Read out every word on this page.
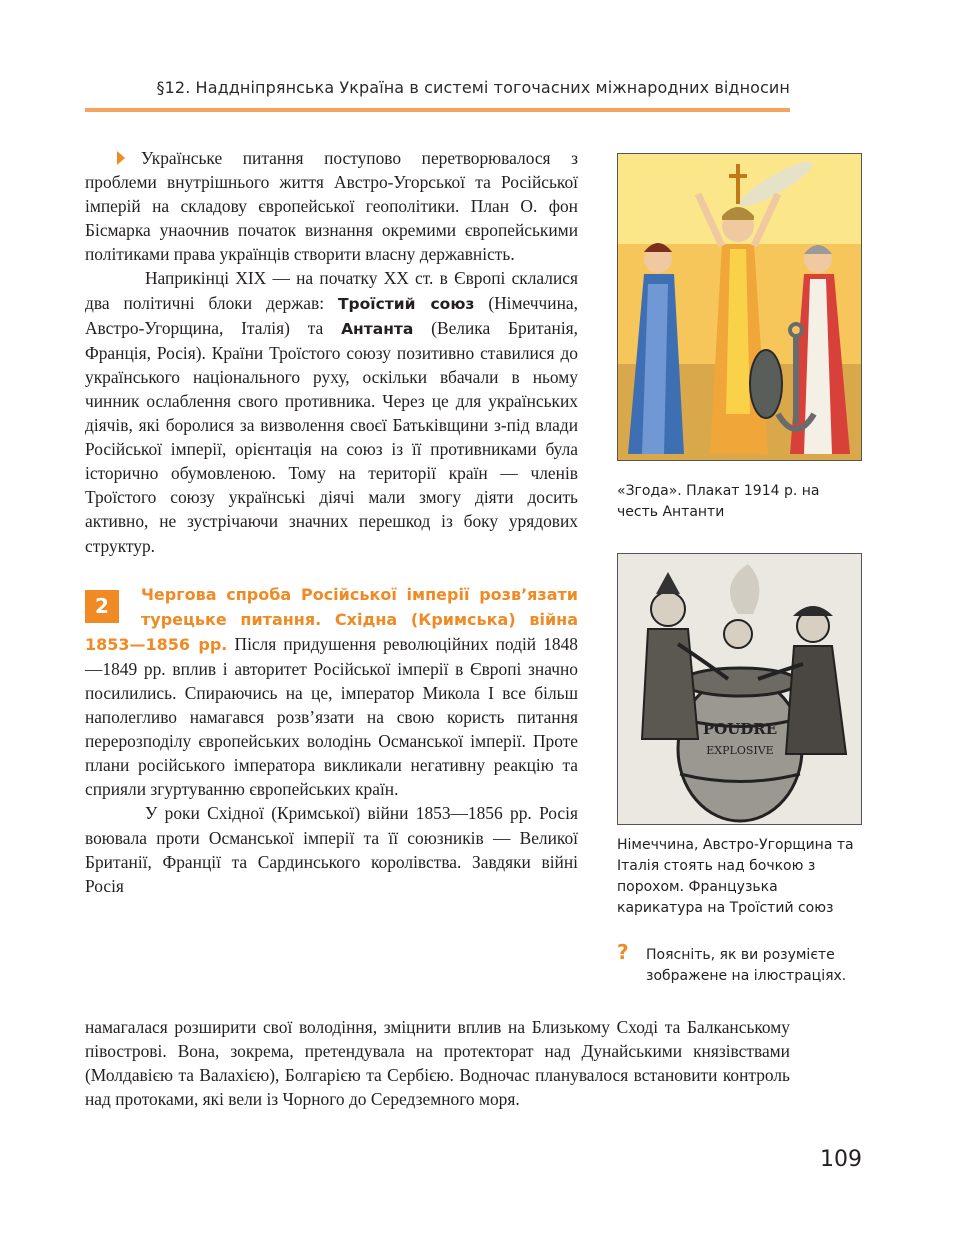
§12. Наддніпрянська Україна в системі тогочасних міжнародних відносин

Українське питання поступово перетворювалося з проблеми внутрішнього життя Австро-Угорської та Російської імперій на складову європейської геополітики. План О. фон Бісмарка унаочнив початок визнання окремими європейськими політиками права українців створити власну державність.

Наприкінці XIX — на початку XX ст. в Європі склалися два політичні блоки держав: Троїстий союз (Німеччина, Австро-Угорщина, Італія) та Антанта (Велика Британія, Франція, Росія). Країни Троїстого союзу позитивно ставилися до українського національного руху, оскільки вбачали в ньому чинник ослаблення свого противника. Через це для українських діячів, які боролися за визволення своєї Батьківщини з-під влади Російської імперії, орієнтація на союз із її противниками була історично обумовленою. Тому на території країн — членів Троїстого союзу українські діячі мали змогу діяти досить активно, не зустрічаючи значних перешкод із боку урядових структур.

2	Чергова спроба Російської імперії розв’язати турецьке питання. Східна (Кримська) війна 1853—1856 рр. Після придушення революційних подій 1848—1849 рр. вплив і авторитет Російської імперії в Європі значно посилились. Спираючись на це, імператор Микола І все більш наполегливо намагався розв’язати на свою користь питання перерозподілу європейських володінь Османської імперії. Проте плани російського імператора викликали негативну реакцію та сприяли згуртуванню європейських країн.

У роки Східної (Кримської) війни 1853—1856 рр. Росія воювала проти Османської імперії та її союзників — Великої Британії, Франції та Сардинського королівства. Завдяки війні Росія

намагалася розширити свої володіння, зміцнити вплив на Близькому Сході та Балканському півострові. Вона, зокрема, претендувала на протекторат над Дунайськими князівствами (Молдавією та Валахією), Болгарією та Сербією. Водночас планувалося встановити контроль над протоками, які вели із Чорного до Середземного моря.

POUDRE
EXPLOSIVE
«Згода». Плакат 1914 р. на честь Антанти
Німеччина, Австро-Угорщина та Італія стоять над бочкою з порохом. Французька карикатура на Троїстий союз
? Поясніть, як ви розумієте зображене на ілюстраціях.
109
